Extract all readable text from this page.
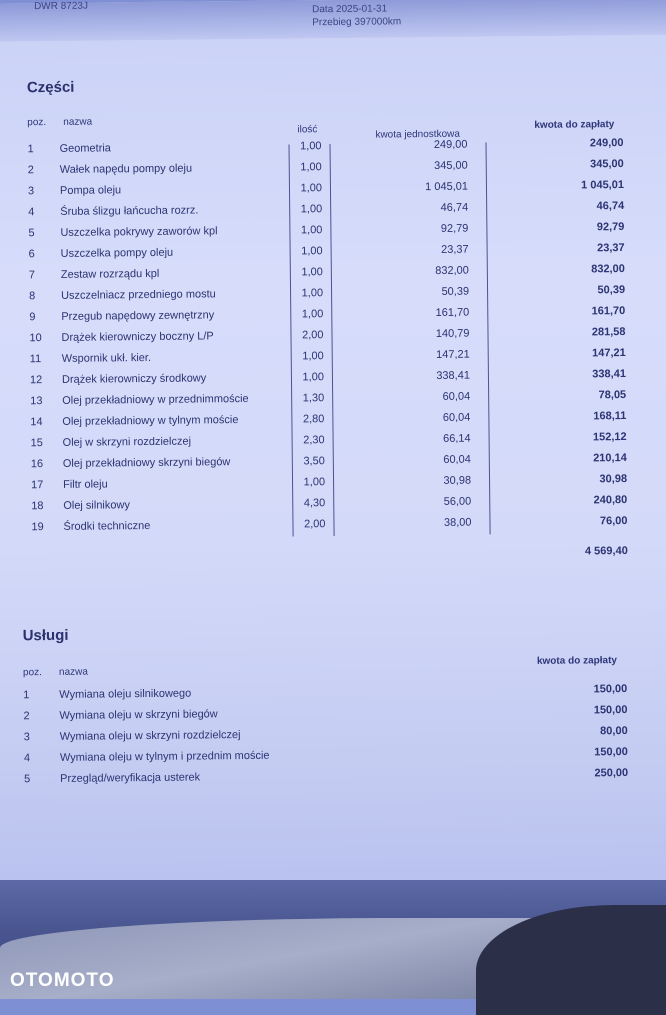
DWR 8723J	Data 2025-01-31
Przebieg 397000km
Części
poz. nazwa
ilość	kwota jednostkowa
kwota do zapłaty
1 Geometria	1,00	249,00	249,00
2 Wałek napędu pompy oleju	1,00	345,00	345,00
3 Pompa oleju	1,00	1 045,01	1 045,01
4 Śruba ślizgu łańcucha rozrz.	1,00	46,74	46,74
5 Uszczelka pokrywy zaworów kpl	1,00	92,79	92,79
6 Uszczelka pompy oleju	1,00	23,37	23,37
7 Zestaw rozrządu kpl	1,00	832,00	832,00
8 Uszczelniacz przedniego mostu	1,00	50,39	50,39
9 Przegub napędowy zewnętrzny	1,00	161,70	161,70
10 Drążek kierowniczy boczny L/P	2,00	140,79	281,58
11 Wspornik ukł. kier.	1,00	147,21	147,21
12 Drążek kierowniczy środkowy	1,00	338,41	338,41
13 Olej przekładniowy w przednimmoście	1,30	60,04	78,05
14 Olej przekładniowy w tylnym moście	2,80	60,04	168,11
15 Olej w skrzyni rozdzielczej	2,30	66,14	152,12
16 Olej przekładniowy skrzyni biegów	3,50	60,04	210,14
17 Filtr oleju	1,00	30,98	30,98
18 Olej silnikowy	4,30	56,00	240,80
19 Środki techniczne	2,00	38,00	76,00
4 569,40
Usługi
poz. nazwa
kwota do zapłaty
1	Wymiana oleju silnikowego	150,00
2	Wymiana oleju w skrzyni biegów	150,00
3	Wymiana oleju w skrzyni rozdzielczej	80,00
4	Wymiana oleju w tylnym i przednim moście	150,00
5	Przegląd/weryfikacja usterek	250,00
OTOMOTO
